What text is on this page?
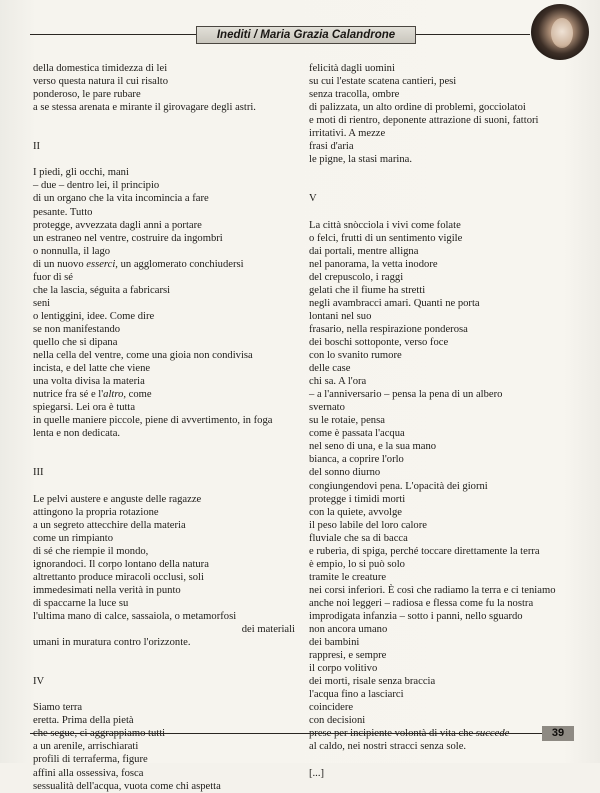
Inediti / Maria Grazia Calandrone
della domestica timidezza di lei
verso questa natura il cui risalto
ponderoso, le pare rubare
a se stessa arenata e mirante il girovagare degli astri.
II
I piedi, gli occhi, mani
– due – dentro lei, il principio
di un organo che la vita incomincia a fare
pesante. Tutto
protegge, avvezzata dagli anni a portare
un estraneo nel ventre, costruire da ingombri
o nonnulla, il lago
di un nuovo esserci, un agglomerato conchiudersi
fuor di sé
che la lascia, séguita a fabricarsi
seni
o lentiggini, idee. Come dire
se non manifestando
quello che si dipana
nella cella del ventre, come una gioia non condivisa
incista, e del latte che viene
una volta divisa la materia
nutrice fra sé e l'altro, come
spiegarsi. Lei ora è tutta
in quelle maniere piccole, piene di avvertimento, in foga
lenta e non dedicata.
III
Le pelvi austere e anguste delle ragazze
attingono la propria rotazione
a un segreto attecchire della materia
come un rimpianto
di sé che riempie il mondo,
ignorandoci. Il corpo lontano della natura
altrettanto produce miracoli occlusi, soli
immedesimati nella verità in punto
di spaccarne la luce su
l'ultima mano di calce, sassaiola, o metamorfosi
dei materiali
umani in muratura contro l'orizzonte.
IV
Siamo terra
eretta. Prima della pietà
che segue, ci aggrappiamo tutti
a un arenile, arrischiarati
profili di terraferma, figure
affini alla ossessiva, fosca
sessualità dell'acqua, vuota come chi aspetta
felicità dagli uomini
su cui l'estate scatena cantieri, pesi
senza tracolla, ombre
di palizzata, un alto ordine di problemi, gocciolatoi
e moti di rientro, deponente attrazione di suoni, fattori
irritativi. A mezze
frasi d'aria
le pigne, la stasi marina.
V
La città snòcciola i vivi come folate
o felci, frutti di un sentimento vigile
dai portali, mentre alligna
nel panorama, la vetta inodore
del crepuscolo, i raggi
gelati che il fiume ha stretti
negli avambracci amari. Quanti ne porta
lontani nel suo
frasario, nella respirazione ponderosa
dei boschi sottoponte, verso foce
con lo svanito rumore
delle case
chi sa. A l'ora
– a l'anniversario – pensa la pena di un albero
svernato
su le rotaie, pensa
come è passata l'acqua
nel seno di una, e la sua mano
bianca, a coprire l'orlo
del sonno diurno
congiungendovi pena. L'opacità dei giorni
protegge i timidi morti
con la quiete, avvolge
il peso labile del loro calore
fluviale che sa di bacca
e ruberìa, di spiga, perché toccare direttamente la terra
è empio, lo si può solo
tramite le creature
nei corsi inferiori. È così che radiamo la terra e ci teniamo
anche noi leggeri – radiosa e flessa come fu la nostra
improdigata infanzia – sotto i panni, nello sguardo
non ancora umano
dei bambini
rappresi, e sempre
il corpo volitivo
dei morti, risale senza braccia
l'acqua fino a lasciarci
coincidere
con decisioni
prese per incipiente volontà di vita che succede
al caldo, nei nostri stracci senza sole.
[...]
39
